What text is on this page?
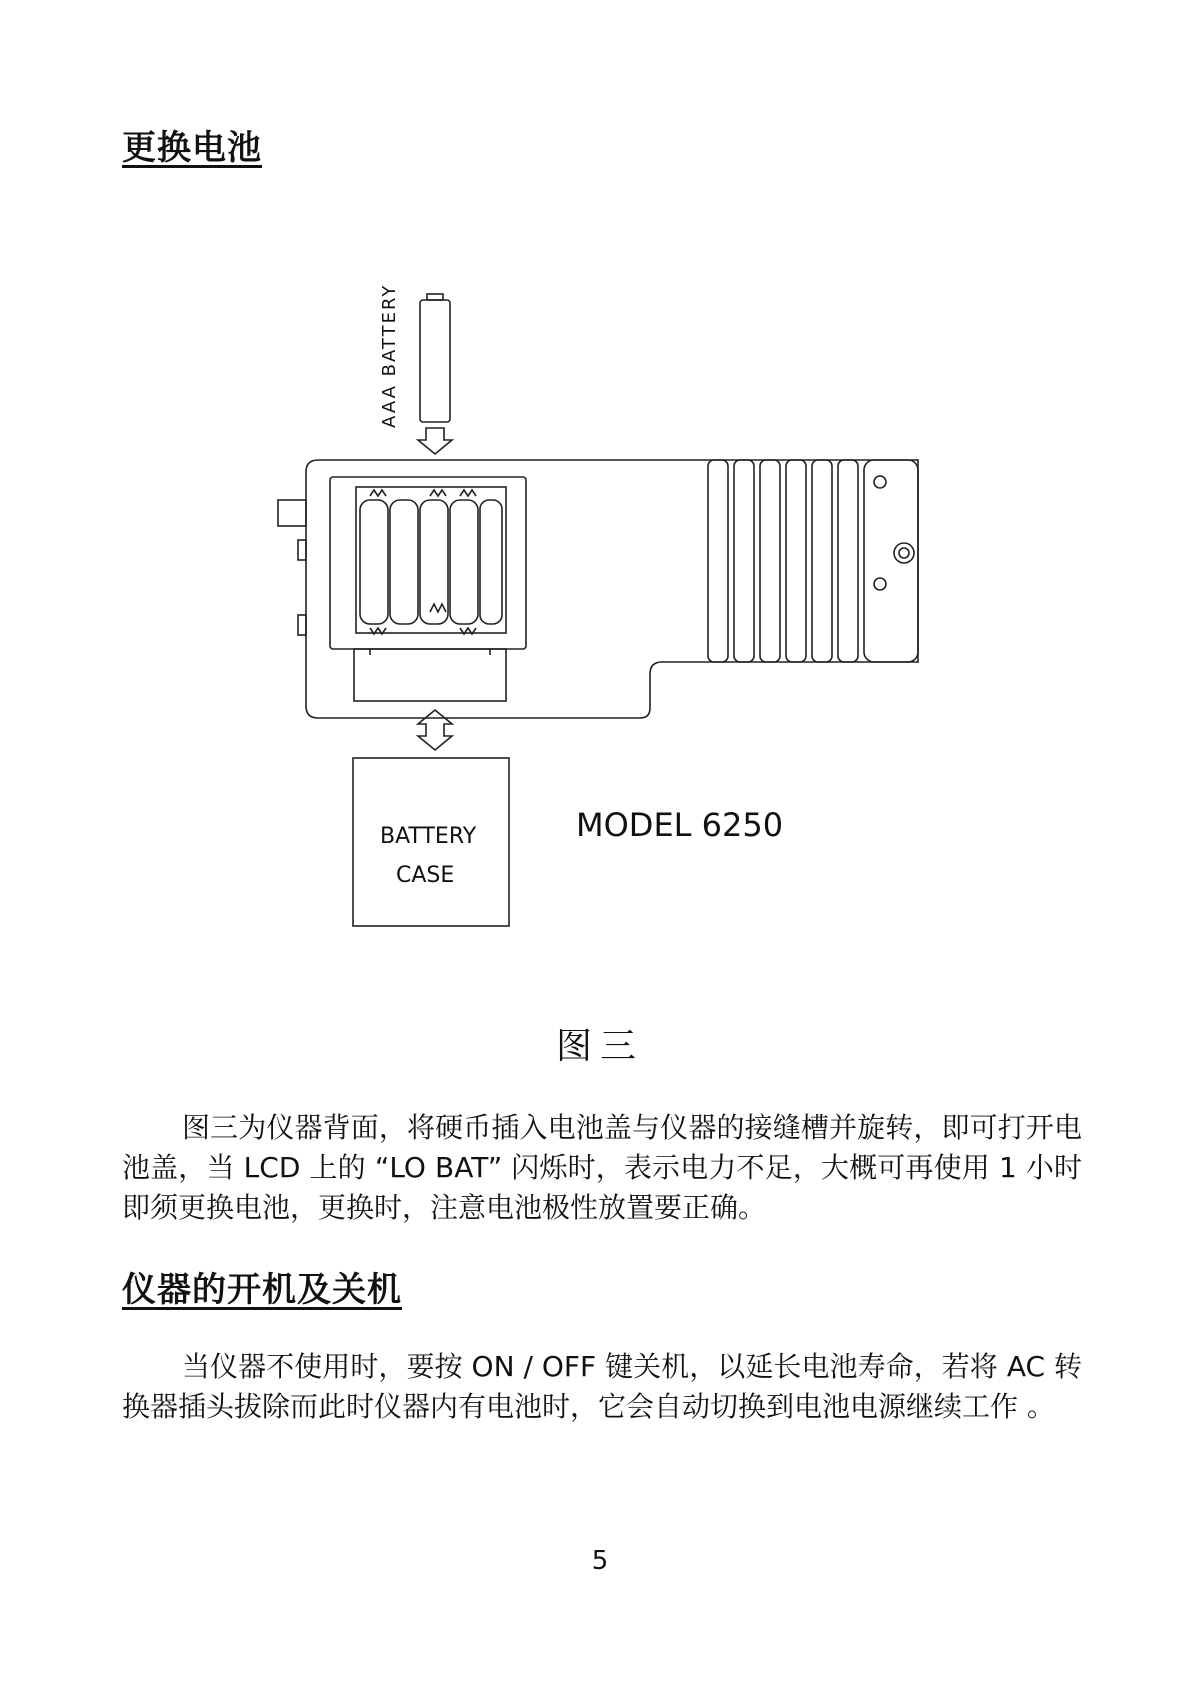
更换电池
AAA BATTERY
BATTERY
CASE
MODEL 6250
图三

图三为仪器背面，将硬币插入电池盖与仪器的接缝槽并旋转，即可打开电池盖，当 LCD 上的 “LO BAT” 闪烁时，表示电力不足，大概可再使用 1 小时即须更换电池，更换时，注意电池极性放置要正确。

仪器的开机及关机

当仪器不使用时，要按 ON / OFF 键关机，以延长电池寿命，若将 AC 转换器插头拔除而此时仪器内有电池时，它会自动切换到电池电源继续工作 。

5
